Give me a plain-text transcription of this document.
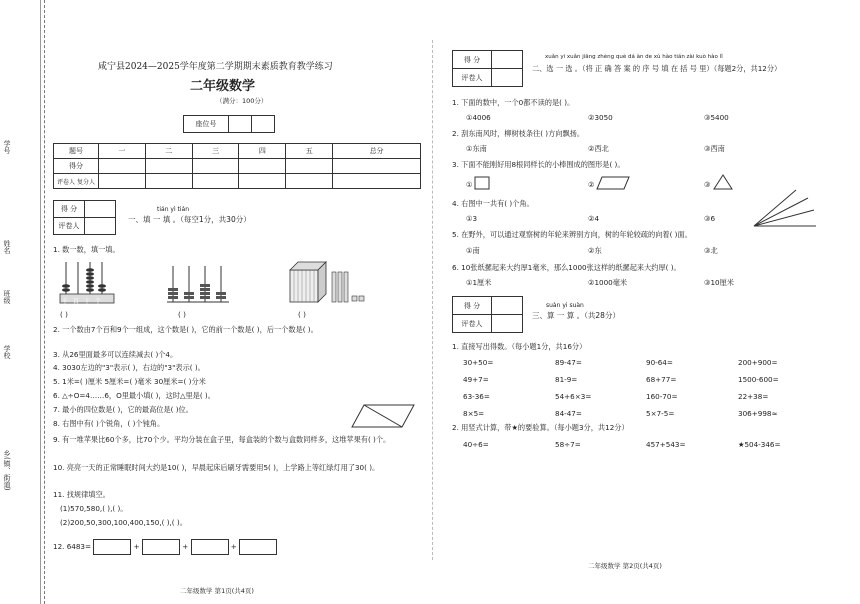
学号
姓名
班级
学校
乡(镇、街道)
咸宁县2024—2025学年度第二学期期末素质教育教学练习
二年级数学
（满分：100分）
座位号		
题号	一	二	三	四	五	总分
得分						
评卷人 复分人						
得 分	
评卷人	
tián yì tián
一、填 一 填 。（每空1分，共30分）
1. 数一数，填一填。
千百十个
( )	( )	( )
2. 一个数由7个百和9个一组成，这个数是( )，它的前一个数是( )，后一个数是( )。
3. 从26里面最多可以连续减去( )个4。
4. 3030左边的"3"表示( )，右边的"3"表示( )。
5. 1米=( )厘米 5厘米=( )毫米 30厘米=( )分米
6. △÷O=4……6，O里最小填( )，这时△里是( )。
7. 最小的四位数是( )，它的最高位是( )位。
8. 右图中有( )个锐角，( )个钝角。
9. 有一堆苹果比60个多，比70个少。平均分装在盒子里，每盒装的个数与盒数同样多，这堆苹果有( )个。
10. 亮亮一天的正常睡眠时间大约是10( )，早晨起床后刷牙需要用5( )，上学路上等红绿灯用了30( )。
11. 找规律填空。
(1)570,580,( ),( )。
(2)200,50,300,100,400,150,( ),( )。
12. 6483=	+	+	+
二年级数学 第1页(共4页)
得 分	
评卷人	
xuǎn yi xuǎn jiāng zhèng què dá àn de xù hào tián zài kuò hào lǐ
二、选 一 选 。（将 正 确 答 案 的 序 号 填 在 括 号 里）（每题2分，共12分）
1. 下面的数中，一个0都不读的是( )。
①4006	②3050	③5400
2. 刮东南风时，柳树枝条往( )方向飘扬。
①东南	②西北	③西南
3. 下面不能刚好用8根同样长的小棒围成的图形是( )。
①	②	③
4. 右图中一共有( )个角。
①3	②4	③6
5. 在野外，可以通过观察树的年轮来辨别方向，树的年轮较疏的向着( )面。
①南	②东	③北
6. 10张纸摞起来大约厚1毫米，那么1000张这样的纸摞起来大约厚( )。
①1厘米	②1000毫米	③10厘米
得 分	
评卷人	
suàn yi suàn
三、算 一 算 。（共28分）
1. 直接写出得数。（每小题1分，共16分）
30+50=	89-47=	90-64=	200+900=
49+7=	81-9=	68+77=	1500-600=
63-36=	54+6×3=	160-70=	22+38=
8×5=	84-47=	5×7-5=	306+998≈
2. 用竖式计算，带★的要验算。（每小题3分，共12分）
40÷6=	58÷7=	457+543=	★504-346=
二年级数学 第2页(共4页)
